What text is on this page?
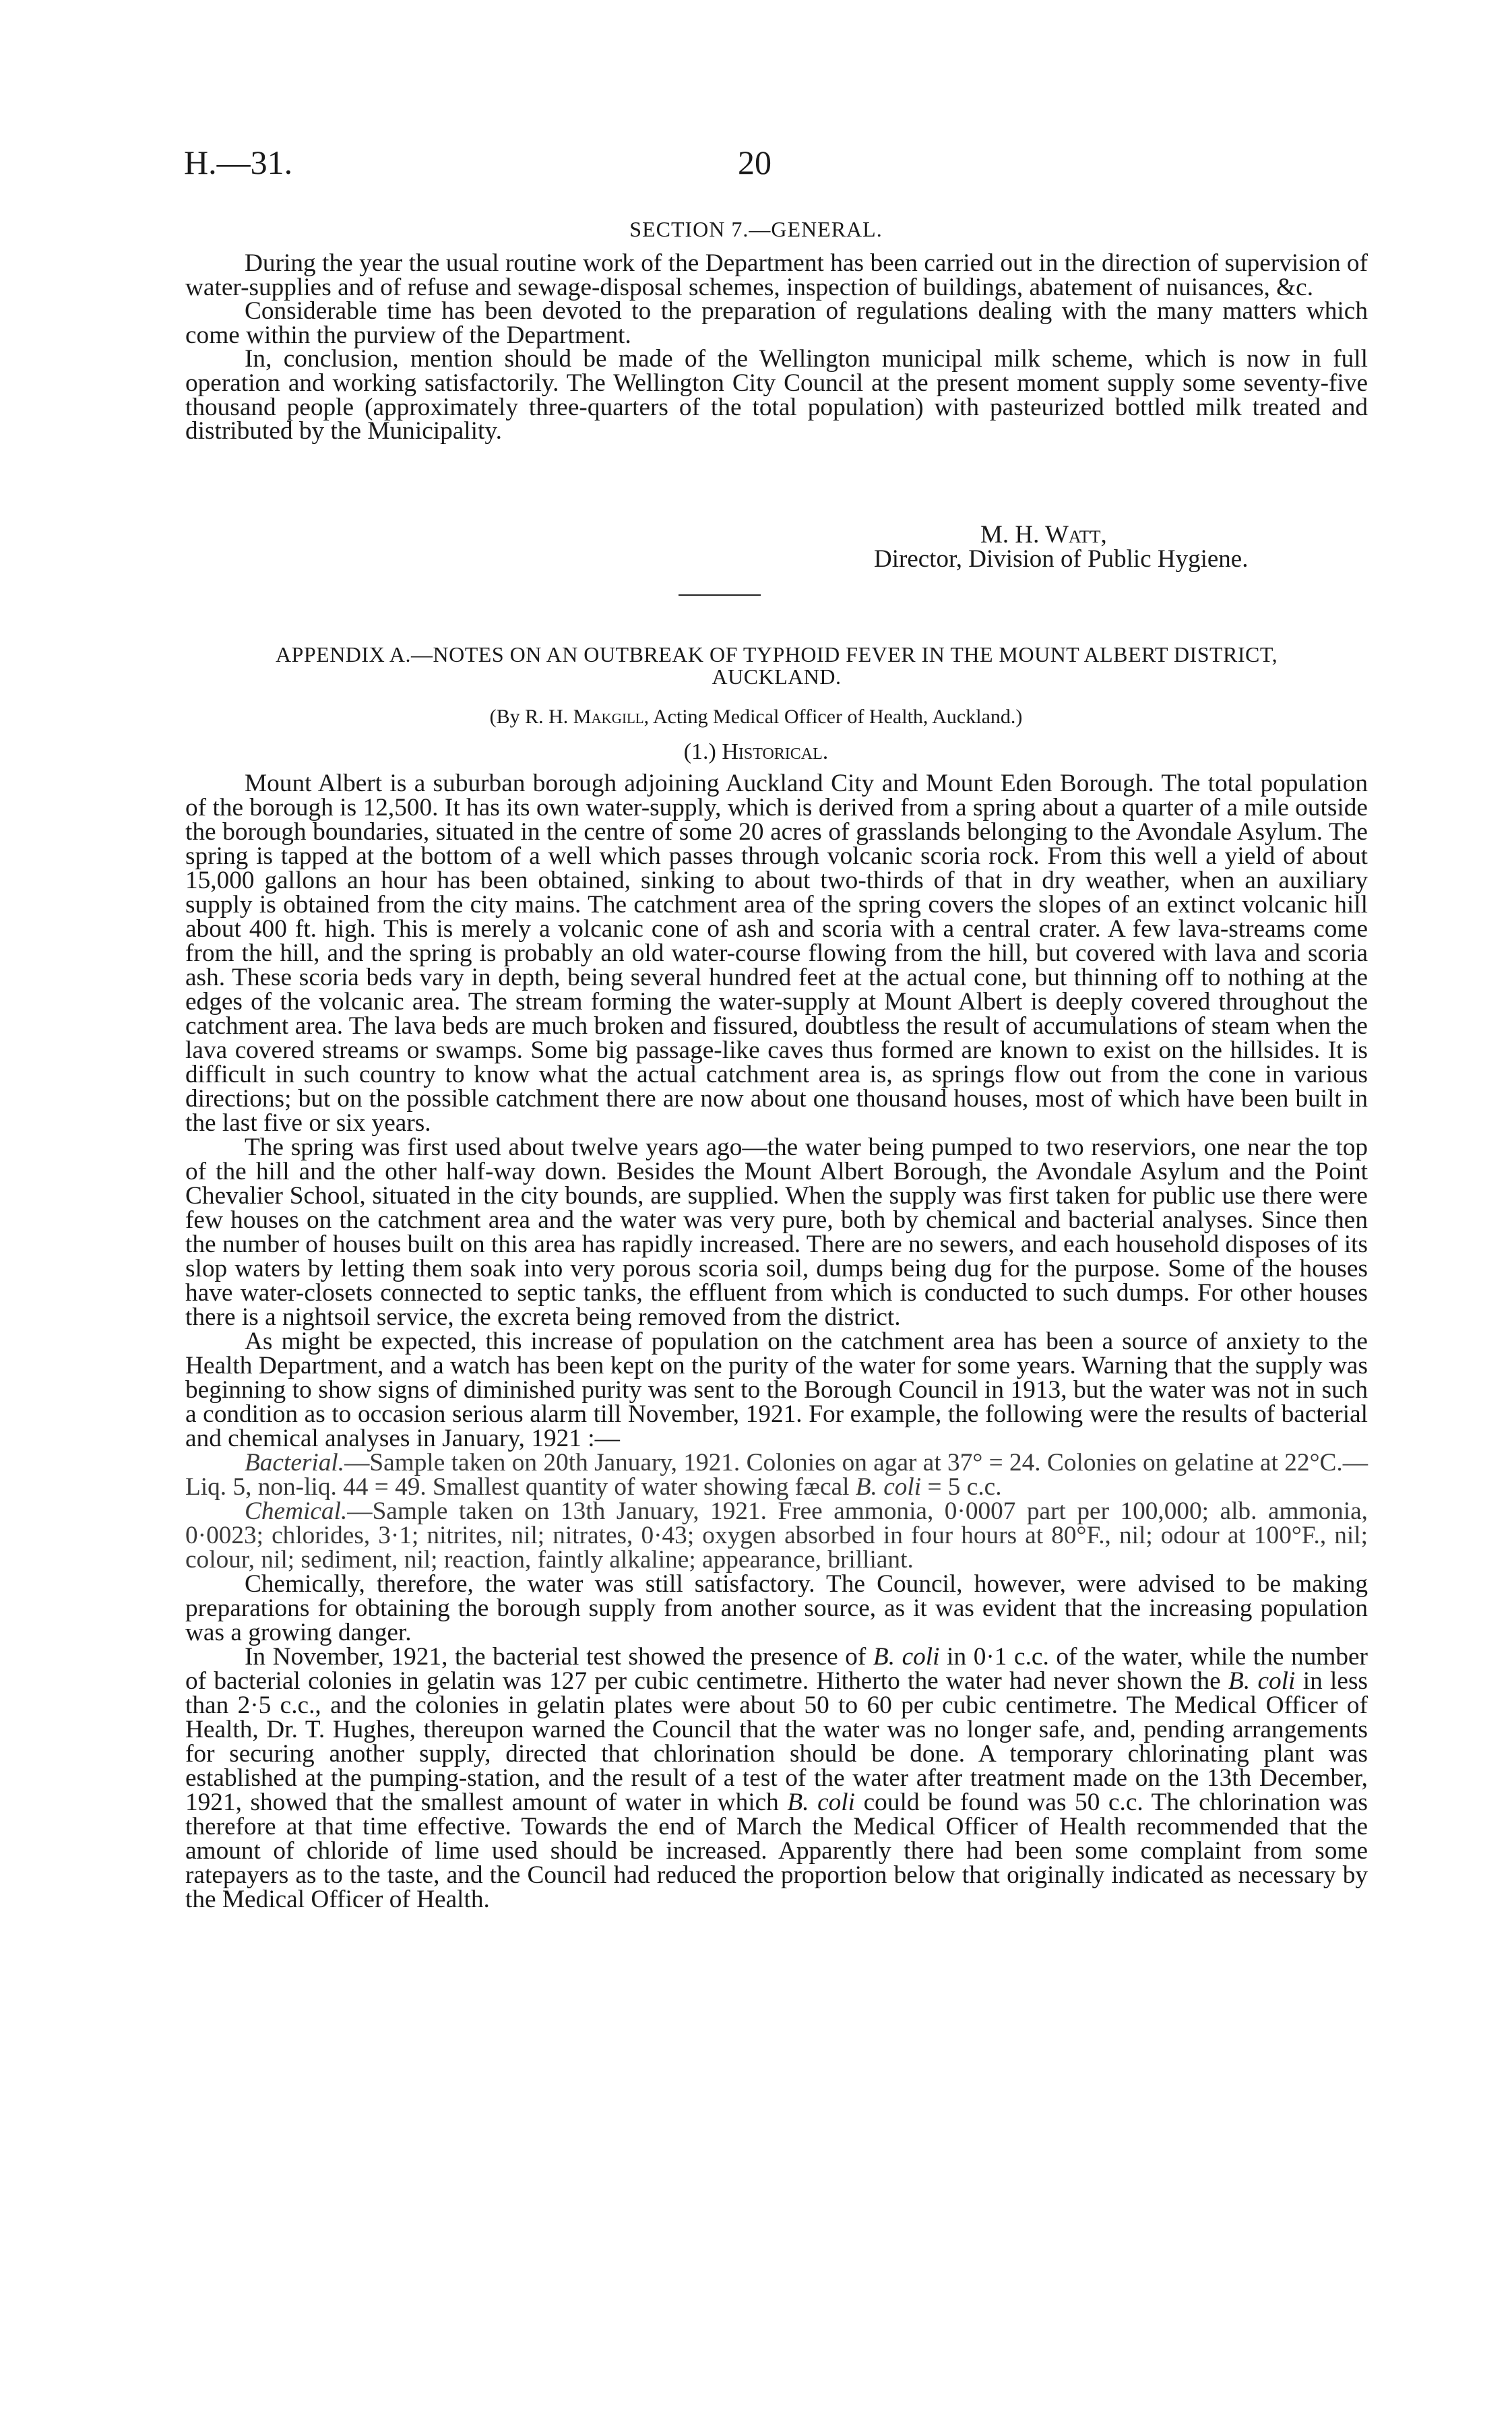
H.—31.	20
SECTION 7.—GENERAL.

During the year the usual routine work of the Department has been carried out in the direction of supervision of water-supplies and of refuse and sewage-disposal schemes, inspection of buildings, abatement of nuisances, &c.

Considerable time has been devoted to the preparation of regulations dealing with the many matters which come within the purview of the Department.

In, conclusion, mention should be made of the Wellington municipal milk scheme, which is now in full operation and working satisfactorily. The Wellington City Council at the present moment supply some seventy-five thousand people (approximately three-quarters of the total population) with pasteurized bottled milk treated and distributed by the Municipality.

M. H. Watt,
Director, Division of Public Hygiene.
APPENDIX A.—NOTES ON AN OUTBREAK OF TYPHOID FEVER IN THE MOUNT ALBERT DISTRICT,
AUCKLAND.
(By R. H. Makgill, Acting Medical Officer of Health, Auckland.)
(1.) Historical.

Mount Albert is a suburban borough adjoining Auckland City and Mount Eden Borough. The total population of the borough is 12,500. It has its own water-supply, which is derived from a spring about a quarter of a mile outside the borough boundaries, situated in the centre of some 20 acres of grasslands belonging to the Avondale Asylum. The spring is tapped at the bottom of a well which passes through volcanic scoria rock. From this well a yield of about 15,000 gallons an hour has been obtained, sinking to about two-thirds of that in dry weather, when an auxiliary supply is obtained from the city mains. The catchment area of the spring covers the slopes of an extinct volcanic hill about 400 ft. high. This is merely a volcanic cone of ash and scoria with a central crater. A few lava-streams come from the hill, and the spring is probably an old water-course flowing from the hill, but covered with lava and scoria ash. These scoria beds vary in depth, being several hundred feet at the actual cone, but thinning off to nothing at the edges of the volcanic area. The stream forming the water-supply at Mount Albert is deeply covered throughout the catchment area. The lava beds are much broken and fissured, doubtless the result of accumulations of steam when the lava covered streams or swamps. Some big passage-like caves thus formed are known to exist on the hillsides. It is difficult in such country to know what the actual catchment area is, as springs flow out from the cone in various directions; but on the possible catchment there are now about one thousand houses, most of which have been built in the last five or six years.

The spring was first used about twelve years ago—the water being pumped to two reserviors, one near the top of the hill and the other half-way down. Besides the Mount Albert Borough, the Avondale Asylum and the Point Chevalier School, situated in the city bounds, are supplied. When the supply was first taken for public use there were few houses on the catchment area and the water was very pure, both by chemical and bacterial analyses. Since then the number of houses built on this area has rapidly increased. There are no sewers, and each household disposes of its slop waters by letting them soak into very porous scoria soil, dumps being dug for the purpose. Some of the houses have water-closets connected to septic tanks, the effluent from which is conducted to such dumps. For other houses there is a nightsoil service, the excreta being removed from the district.

As might be expected, this increase of population on the catchment area has been a source of anxiety to the Health Department, and a watch has been kept on the purity of the water for some years. Warning that the supply was beginning to show signs of diminished purity was sent to the Borough Council in 1913, but the water was not in such a condition as to occasion serious alarm till November, 1921. For example, the following were the results of bacterial and chemical analyses in January, 1921 :—

Bacterial.—Sample taken on 20th January, 1921. Colonies on agar at 37° = 24. Colonies on gelatine at 22°C.—Liq. 5, non-liq. 44 = 49. Smallest quantity of water showing fæcal B. coli = 5 c.c.

Chemical.—Sample taken on 13th January, 1921. Free ammonia, 0·0007 part per 100,000; alb. ammonia, 0·0023; chlorides, 3·1; nitrites, nil; nitrates, 0·43; oxygen absorbed in four hours at 80°F., nil; odour at 100°F., nil; colour, nil; sediment, nil; reaction, faintly alkaline; appearance, brilliant.

Chemically, therefore, the water was still satisfactory. The Council, however, were advised to be making preparations for obtaining the borough supply from another source, as it was evident that the increasing population was a growing danger.

In November, 1921, the bacterial test showed the presence of B. coli in 0·1 c.c. of the water, while the number of bacterial colonies in gelatin was 127 per cubic centimetre. Hitherto the water had never shown the B. coli in less than 2·5 c.c., and the colonies in gelatin plates were about 50 to 60 per cubic centimetre. The Medical Officer of Health, Dr. T. Hughes, thereupon warned the Council that the water was no longer safe, and, pending arrangements for securing another supply, directed that chlorination should be done. A temporary chlorinating plant was established at the pumping-station, and the result of a test of the water after treatment made on the 13th December, 1921, showed that the smallest amount of water in which B. coli could be found was 50 c.c. The chlorination was therefore at that time effective. Towards the end of March the Medical Officer of Health recommended that the amount of chloride of lime used should be increased. Apparently there had been some complaint from some ratepayers as to the taste, and the Council had reduced the proportion below that originally indicated as necessary by the Medical Officer of Health.
